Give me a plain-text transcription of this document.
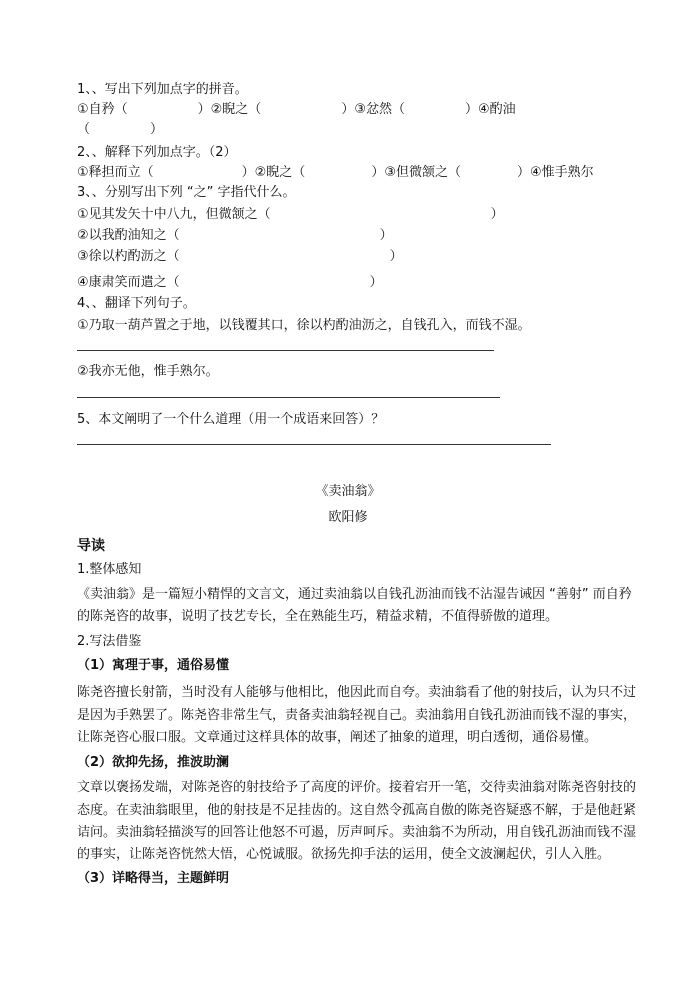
1、、写出下列加点字的拼音。
①自矜（	）②睨之（	）③忿然（	）④酌油
（	）
2、、解释下列加点字。（2）
①释担而立（	）②睨之（	）③但微颔之（	）④惟手熟尔
3、、分别写出下列 “之” 字指代什么。
①见其发矢十中八九，但微颔之（	）
②以我酌油知之（	）
③徐以杓酌沥之（	）
④康肃笑而遣之（	）
4、、翻译下列句子。
①乃取一葫芦置之于地，以钱覆其口，徐以杓酌油沥之，自钱孔入，而钱不湿。
②我亦无他，惟手熟尔。
5、本文阐明了一个什么道理（用一个成语来回答）？
《卖油翁》
欧阳修
导读
1.整体感知
《卖油翁》是一篇短小精悍的文言文，通过卖油翁以自钱孔沥油而钱不沾湿告诫因 “善射” 而自矜
的陈尧咨的故事，说明了技艺专长，全在熟能生巧，精益求精，不值得骄傲的道理。
2.写法借鉴
（1）寓理于事，通俗易懂
陈尧咨擅长射箭，当时没有人能够与他相比，他因此而自夸。卖油翁看了他的射技后，认为只不过
是因为手熟罢了。陈尧咨非常生气，责备卖油翁轻视自己。卖油翁用自钱孔沥油而钱不湿的事实，
让陈尧咨心服口服。文章通过这样具体的故事，阐述了抽象的道理，明白透彻，通俗易懂。
（2）欲抑先扬，推波助澜
文章以褒扬发端，对陈尧咨的射技给予了高度的评价。接着宕开一笔，交待卖油翁对陈尧咨射技的
态度。在卖油翁眼里，他的射技是不足挂齿的。这自然令孤高自傲的陈尧咨疑惑不解，于是他赶紧
诘问。卖油翁轻描淡写的回答让他怒不可遏，厉声呵斥。卖油翁不为所动，用自钱孔沥油而钱不湿
的事实，让陈尧咨恍然大悟，心悦诚服。欲扬先抑手法的运用，使全文波澜起伏，引人入胜。
（3）详略得当，主题鲜明
